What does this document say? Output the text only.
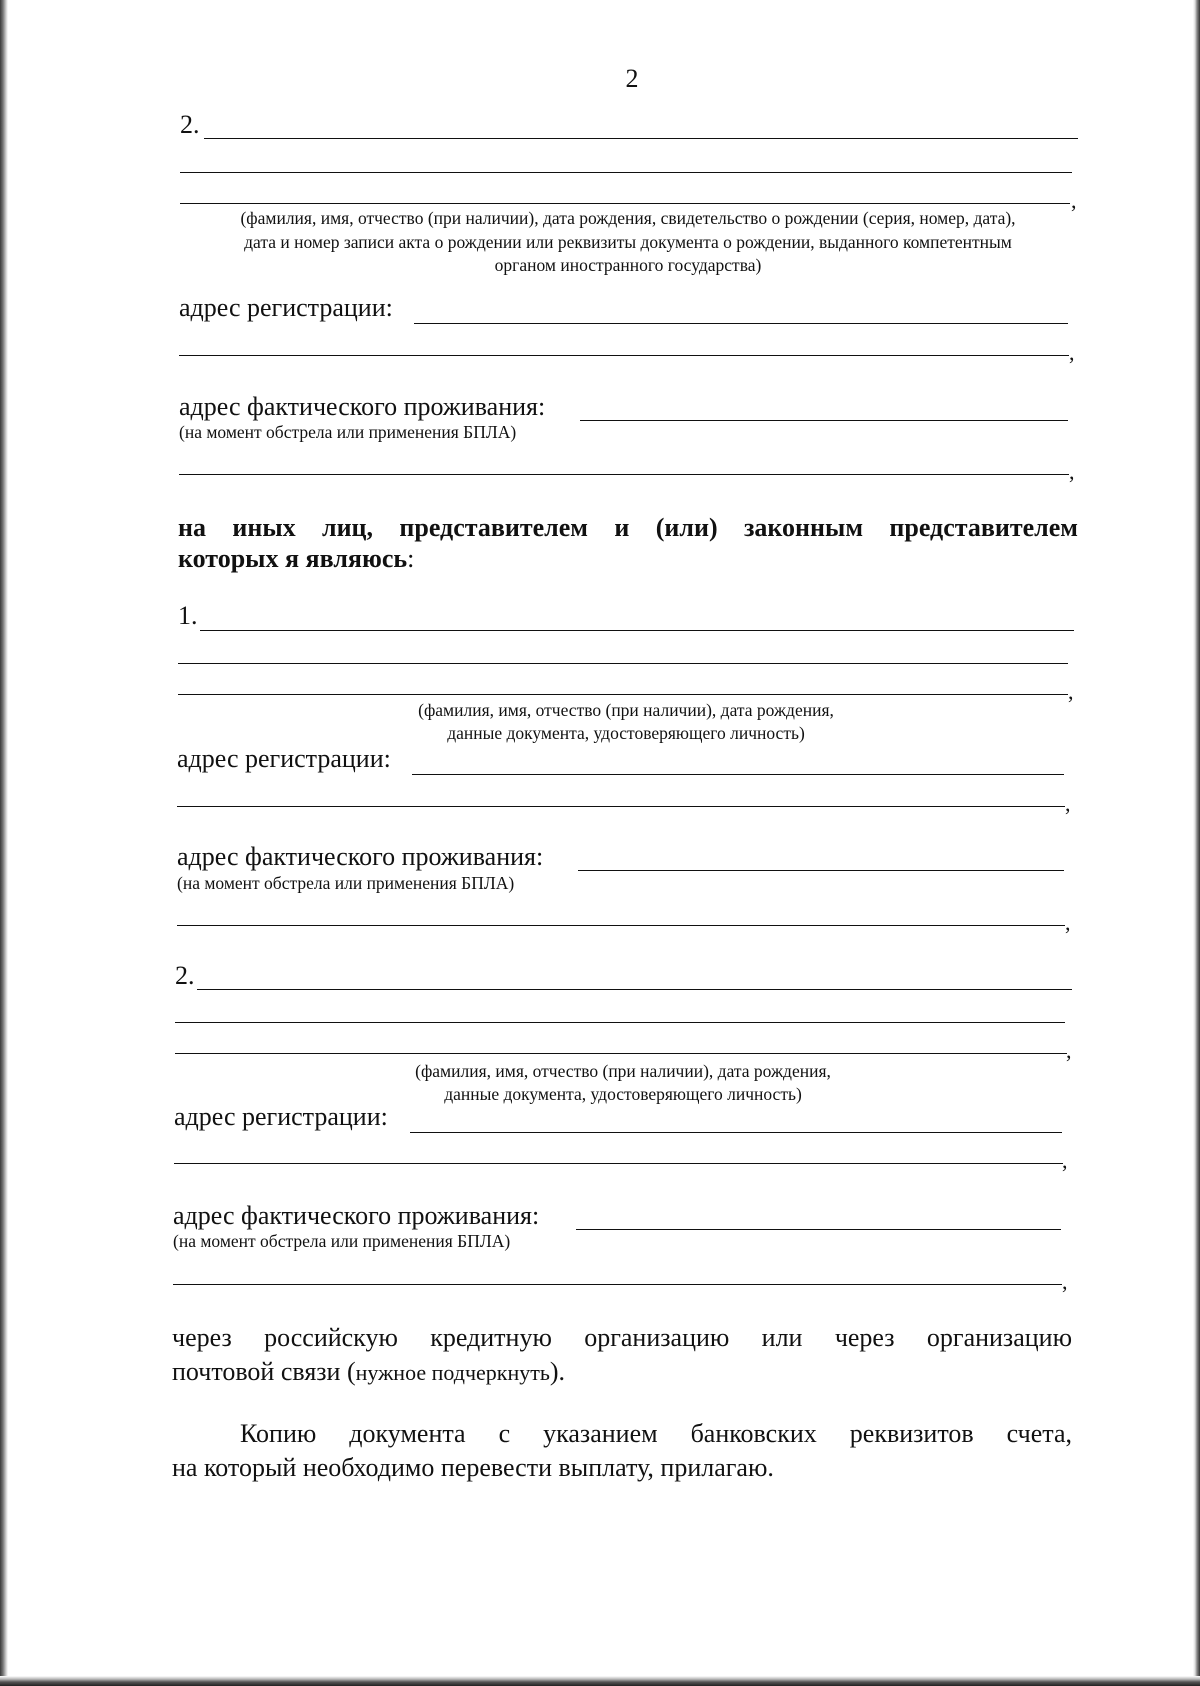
2
2.
,
(фамилия, имя, отчество (при наличии), дата рождения, свидетельство о рождении (серия, номер, дата),
дата и номер записи акта о рождении или реквизиты документа о рождении, выданного компетентным
органом иностранного государства)
адрес регистрации:
,
адрес фактического проживания:
(на момент обстрела или применения БПЛА)
,
на иных лиц, представителем и (или) законным представителем
которых я являюсь:
1.
,
(фамилия, имя, отчество (при наличии), дата рождения,
данные документа, удостоверяющего личность)
адрес регистрации:
,
адрес фактического проживания:
(на момент обстрела или применения БПЛА)
,
2.
,
(фамилия, имя, отчество (при наличии), дата рождения,
данные документа, удостоверяющего личность)
адрес регистрации:
,
адрес фактического проживания:
(на момент обстрела или применения БПЛА)
,
через российскую кредитную организацию или через организацию
почтовой связи (нужное подчеркнуть).
Копию документа с указанием банковских реквизитов счета,
на который необходимо перевести выплату, прилагаю.
